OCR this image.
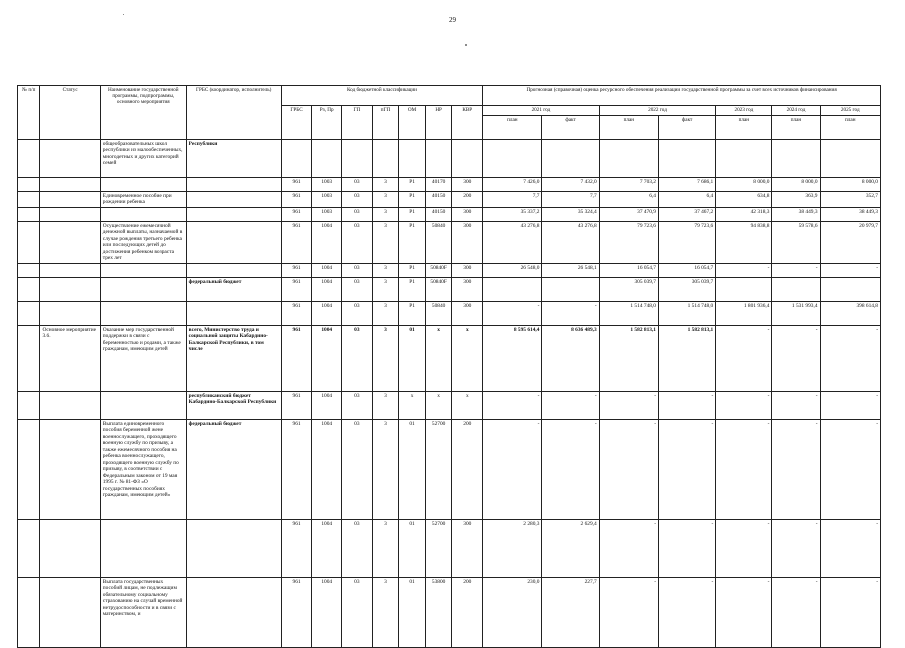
29
№ п/п	Статус	Наименование государственной программы, подпрограммы, основного мероприятия	ГРБС (координатор, исполнитель)	Код бюджетной классификации							Прогнозная (справочная) оценка ресурсного обеспечения реализации государственной программы за счет всех источников финансирования						
				ГРБС	Рз, Пр	ГП	пГП	ОМ	НР	КВР	2021 год		2022 год		2023 год	2024 год	2025 год
											план	факт	план	факт	план	план	план
		общеобразовательных школ республики из малообеспеченных, многодетных и других категорий семей	Республики														
				961	1003	03	3	Р1	40170	300	7 426,0	7 432,0	7 703,2	7 686,1	8 000,0	8 000,0	8 000,0
		Единовременное пособие при рождении ребенка		961	1003	03	3	Р1	40150	200	7,7	7,7	6,4	6,4	634,8	363,9	352,7
				961	1003	03	3	Р1	40150	300	35 337,2	35 324,4	37 470,9	37 467,2	42 318,3	38 449,3	38 449,3
		Осуществление ежемесячной денежной выплаты, назначаемой в случае рождения третьего ребенка или последующих детей до достижения ребенком возраста трех лет		961	1004	03	3	Р1	50840	300	43 276,8	43 276,8	79 723,6	79 723,6	94 838,8	59 578,6	20 979,7
				961	1004	03	3	Р1	50840F	300	26 548,0	26 548,1	16 054,7	16 054,7	-	-	-
			федеральный бюджет	961	1004	03	3	Р1	50840F	300			305 039,7	305 039,7			
				961	1004	03	3	Р1	50840	300	-	-	1 514 748,0	1 514 748,0	1 801 936,4	1 531 993,4	398 614,8
	Основное мероприятие 3.6.	Оказание мер государственной поддержки в связи с беременностью и родами, а также гражданам, имеющим детей	всего, Министерство труда и социальной защиты Кабардино-Балкарской Республики, в том числе	961	1004	03	3	01	х	х	8 595 614,4	8 636 489,3	1 582 813,1	1 582 813,1	-	-	-
			республиканский бюджет Кабардино-Балкарской Республики	961	1004	03	3	х	х	х	-	-	-	-	-	-	-
		Выплата единовременного пособия беременной жене военнослужащего, проходящего военную службу по призыву, а также ежемесячного пособия на ребенка военнослужащего, проходящего военную службу по призыву, в соответствии с Федеральным законом от 19 мая 1995 г. № 81-ФЗ «О государственных пособиях гражданам, имеющим детей»	федеральный бюджет	961	1004	03	3	01	52700	200	-	-	-	-	-	-	-
				961	1004	03	3	01	52700	300	2 280,3	2 629,4	-	-	-	-	-
		Выплата государственных пособий лицам, не подлежащим обязательному социальному страхованию на случай временной нетрудоспособности и в связи с материнством, и		961	1004	03	3	01	53800	200	230,0	227,7	-	-	-	-	-
